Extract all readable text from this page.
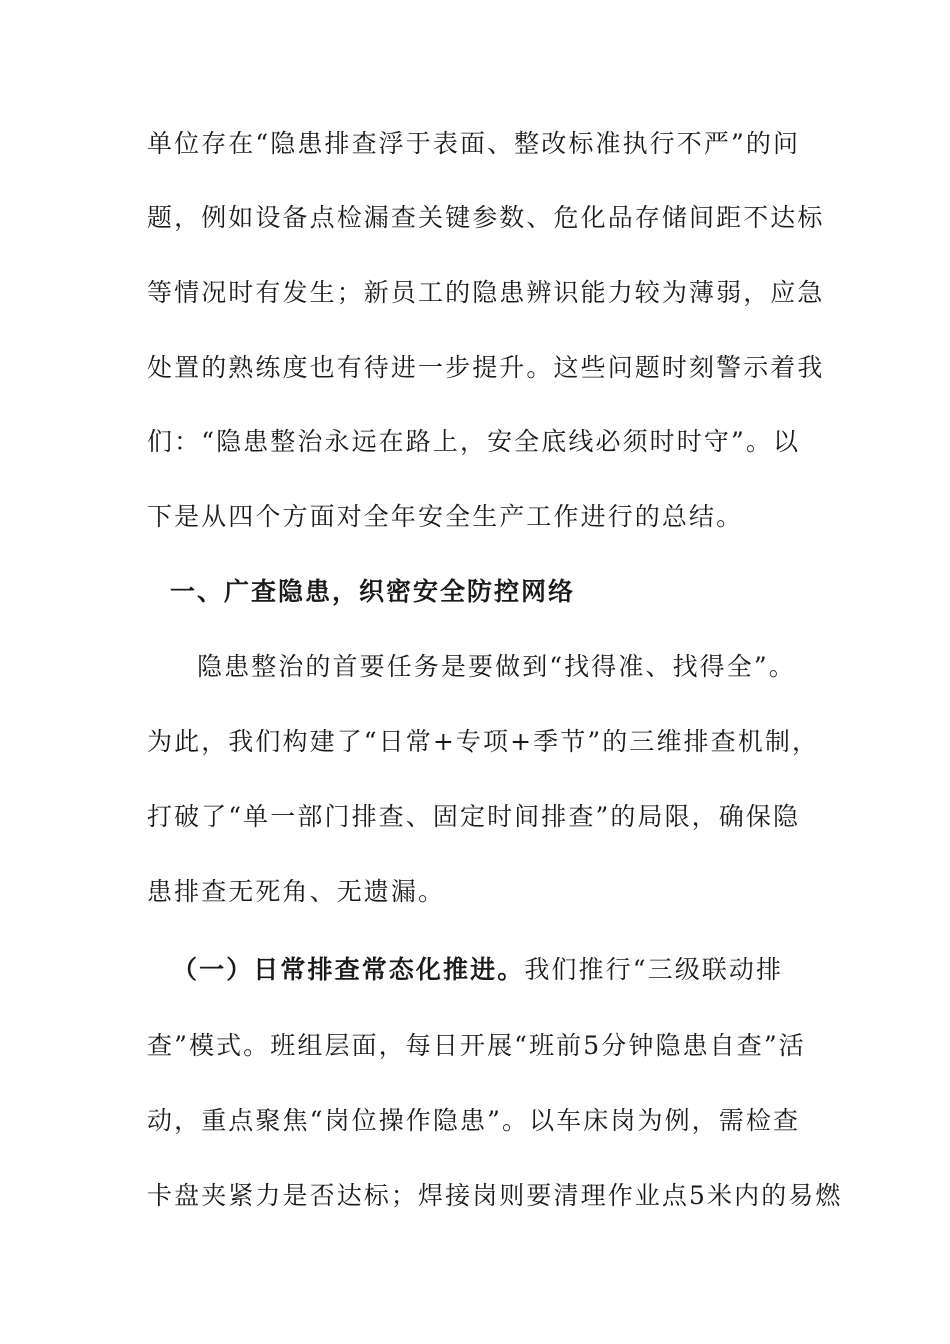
单位存在“隐患排查浮于表面、整改标准执行不严”的问
题，例如设备点检漏查关键参数、危化品存储间距不达标
等情况时有发生；新员工的隐患辨识能力较为薄弱，应急
处置的熟练度也有待进一步提升。这些问题时刻警示着我
们：“隐患整治永远在路上，安全底线必须时时守”。以
下是从四个方面对全年安全生产工作进行的总结。
一、广查隐患，织密安全防控网络
隐患整治的首要任务是要做到“找得准、找得全”。
为此，我们构建了“日常+专项+季节”的三维排查机制，
打破了“单一部门排查、固定时间排查”的局限，确保隐
患排查无死角、无遗漏。
（一）日常排查常态化推进。我们推行“三级联动排
查”模式。班组层面，每日开展“班前5分钟隐患自查”活
动，重点聚焦“岗位操作隐患”。以车床岗为例，需检查
卡盘夹紧力是否达标；焊接岗则要清理作业点5米内的易燃
